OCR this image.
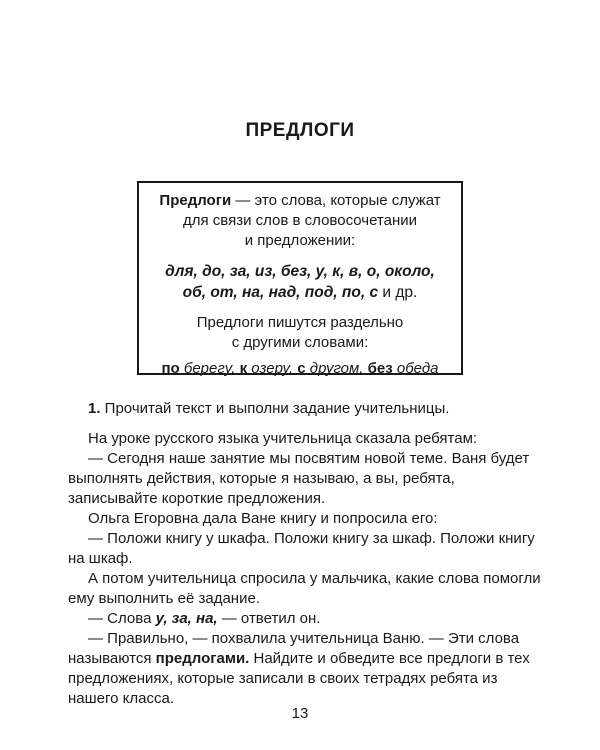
ПРЕДЛОГИ

Предлоги — это слова, которые служат

для связи слов в словосочетании

и предложении:

для, до, за, из, без, у, к, в, о, около,

об, от, на, над, под, по, с и др.

Предлоги пишутся раздельно

с другими словами:

по берегу, к озеру, с другом, без обеда

1. Прочитай текст и выполни задание учительницы.

На уроке русского языка учительница сказала ребятам:

— Сегодня наше занятие мы посвятим новой теме. Ваня будет выполнять действия, которые я называю, а вы, ребята, записывайте короткие предложения.

Ольга Егоровна дала Ване книгу и попросила его:

— Положи книгу у шкафа. Положи книгу за шкаф. Положи книгу на шкаф.

А потом учительница спросила у мальчика, какие слова помогли ему выполнить её задание.

— Слова у, за, на, — ответил он.

— Правильно, — похвалила учительница Ваню. — Эти слова называются предлогами. Найдите и обведите все предлоги в тех предложениях, которые записали в своих тетрадях ребята из нашего класса.

13
